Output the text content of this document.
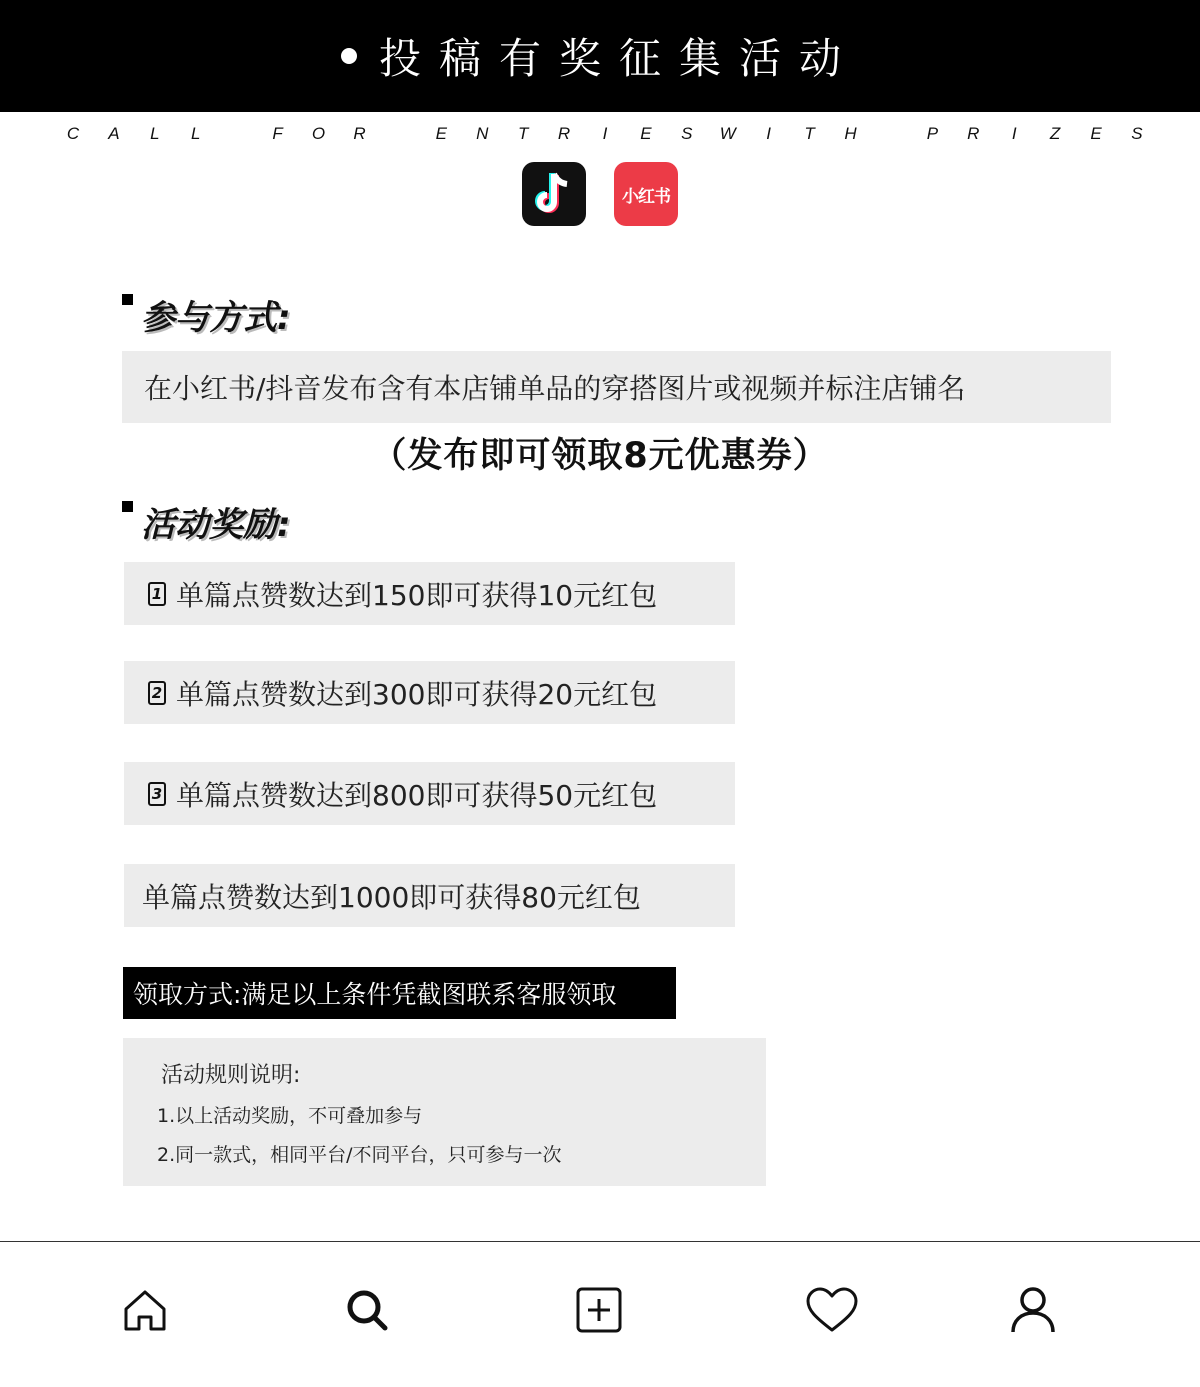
投稿有奖征集活动
C	A	L	L	F	O	R	E	N	T	R	I	E	S	W	I	T	H	P	R	I	Z	E	S
小红书
参与方式:
在小红书/抖音发布含有本店铺单品的穿搭图片或视频并标注店铺名
（发布即可领取8元优惠券）
活动奖励:
1 单篇点赞数达到150即可获得10元红包
2 单篇点赞数达到300即可获得20元红包
3 单篇点赞数达到800即可获得50元红包
单篇点赞数达到1000即可获得80元红包
领取方式:满足以上条件凭截图联系客服领取
活动规则说明:
1.以上活动奖励，不可叠加参与
2.同一款式，相同平台/不同平台，只可参与一次
